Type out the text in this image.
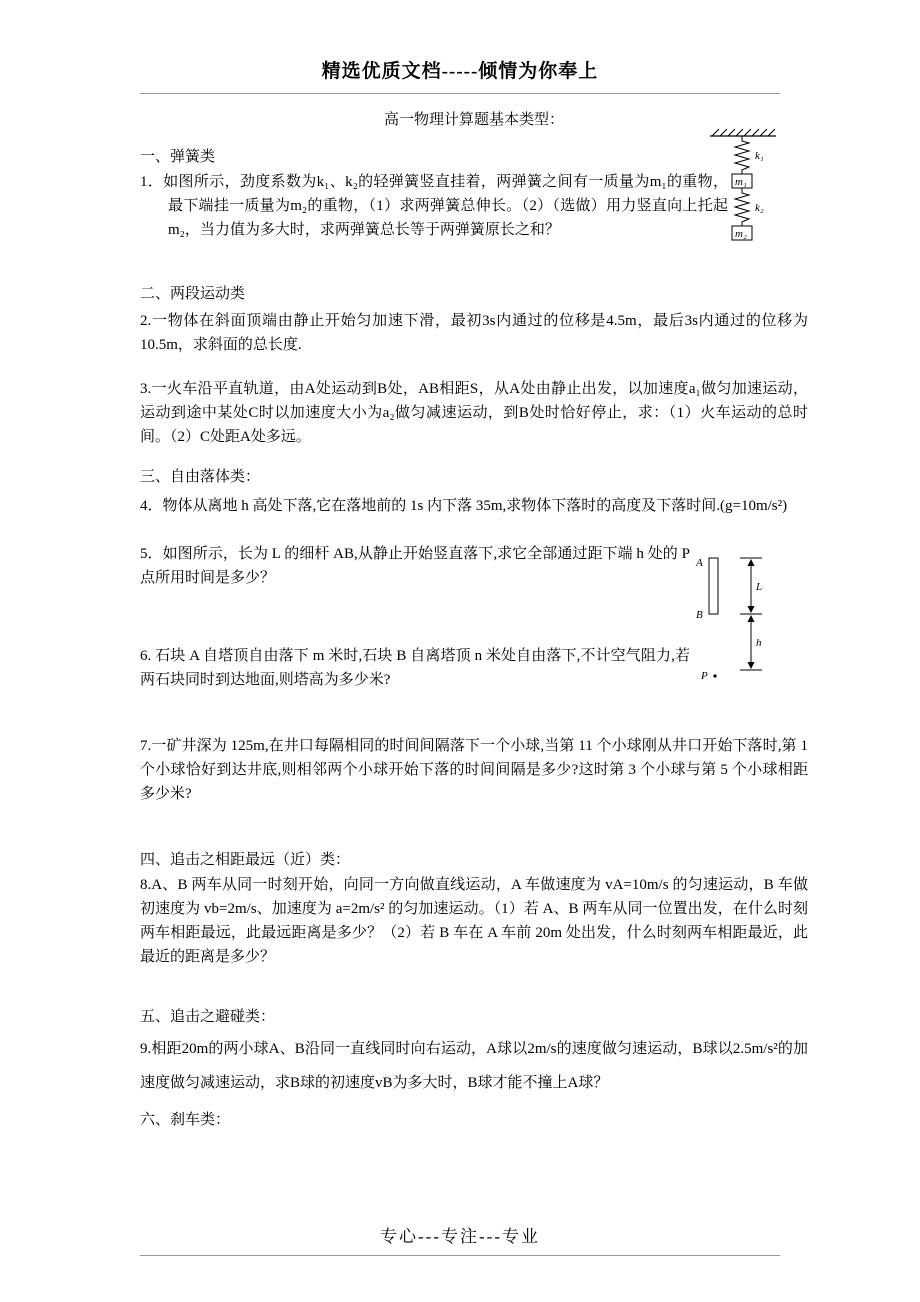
精选优质文档-----倾情为你奉上
高一物理计算题基本类型：
一、弹簧类

1．如图所示，劲度系数为k₁、k₂的轻弹簧竖直挂着，两弹簧之间有一质量为m₁的重物，最下端挂一质量为m₂的重物，（1）求两弹簧总伸长。（2）（选做）用力竖直向上托起m₂，当力值为多大时，求两弹簧总长等于两弹簧原长之和？

二、两段运动类

2.一物体在斜面顶端由静止开始匀加速下滑，最初3s内通过的位移是4.5m，最后3s内通过的位移为10.5m，求斜面的总长度.

3.一火车沿平直轨道，由A处运动到B处，AB相距S，从A处由静止出发，以加速度a₁做匀加速运动，运动到途中某处C时以加速度大小为a₂做匀减速运动，到B处时恰好停止，求：（1）火车运动的总时间。（2）C处距A处多远。

三、自由落体类：

4．物体从离地 h 高处下落,它在落地前的 1s 内下落 35m,求物体下落时的高度及下落时间.(g=10m/s²)

5．如图所示，长为 L 的细杆 AB,从静止开始竖直落下,求它全部通过距下端 h 处的 P 点所用时间是多少？

6. 石块 A 自塔顶自由落下 m 米时,石块 B 自离塔顶 n 米处自由落下,不计空气阻力,若两石块同时到达地面,则塔高为多少米?

7.一矿井深为 125m,在井口每隔相同的时间间隔落下一个小球,当第 11 个小球刚从井口开始下落时,第 1 个小球恰好到达井底,则相邻两个小球开始下落的时间间隔是多少?这时第 3 个小球与第 5 个小球相距多少米?

四、追击之相距最远（近）类：

8.A、B 两车从同一时刻开始，向同一方向做直线运动，A 车做速度为 vA=10m/s 的匀速运动，B 车做初速度为 vb=2m/s、加速度为 a=2m/s² 的匀加速运动。（1）若 A、B 两车从同一位置出发，在什么时刻两车相距最远，此最远距离是多少？（2）若 B 车在 A 车前 20m 处出发，什么时刻两车相距最近，此最近的距离是多少？

五、追击之避碰类：

9.相距20m的两小球A、B沿同一直线同时向右运动，A球以2m/s的速度做匀速运动，B球以2.5m/s²的加速度做匀减速运动，求B球的初速度vB为多大时，B球才能不撞上A球？

六、刹车类：
k₁
m₁
k₂
m₂
A
B
L
h
P
专心---专注---专业
